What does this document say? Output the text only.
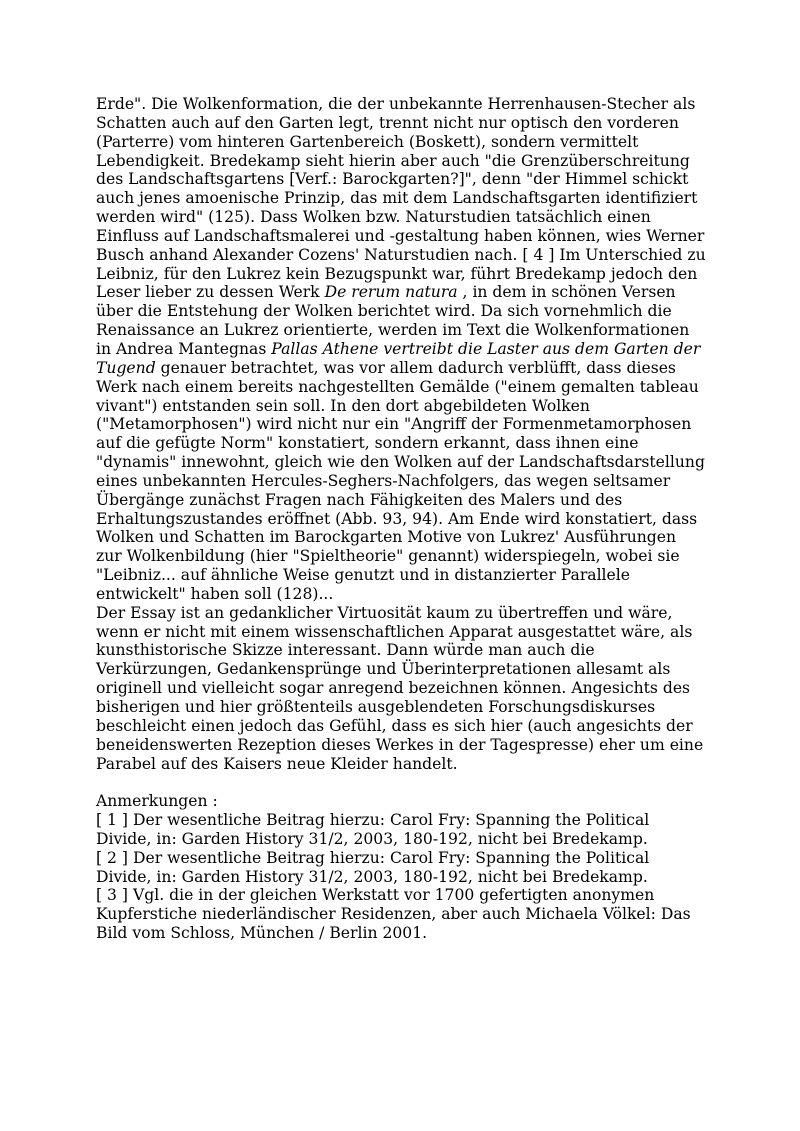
Erde". Die Wolkenformation, die der unbekannte Herrenhausen-Stecher als Schatten auch auf den Garten legt, trennt nicht nur optisch den vorderen (Parterre) vom hinteren Gartenbereich (Boskett), sondern vermittelt Lebendigkeit. Bredekamp sieht hierin aber auch "die Grenzüberschreitung des Landschaftsgartens [Verf.: Barockgarten?]", denn "der Himmel schickt auch jenes amoenische Prinzip, das mit dem Landschaftsgarten identifiziert werden wird" (125). Dass Wolken bzw. Naturstudien tatsächlich einen Einfluss auf Landschaftsmalerei und -gestaltung haben können, wies Werner Busch anhand Alexander Cozens' Naturstudien nach. [ 4 ] Im Unterschied zu Leibniz, für den Lukrez kein Bezugspunkt war, führt Bredekamp jedoch den Leser lieber zu dessen Werk De rerum natura , in dem in schönen Versen über die Entstehung der Wolken berichtet wird. Da sich vornehmlich die Renaissance an Lukrez orientierte, werden im Text die Wolkenformationen in Andrea Mantegnas Pallas Athene vertreibt die Laster aus dem Garten der Tugend genauer betrachtet, was vor allem dadurch verblüfft, dass dieses Werk nach einem bereits nachgestellten Gemälde ("einem gemalten tableau vivant") entstanden sein soll. In den dort abgebildeten Wolken ("Metamorphosen") wird nicht nur ein "Angriff der Formenmetamorphosen auf die gefügte Norm" konstatiert, sondern erkannt, dass ihnen eine "dynamis" innewohnt, gleich wie den Wolken auf der Landschaftsdarstellung eines unbekannten Hercules-Seghers-Nachfolgers, das wegen seltsamer Übergänge zunächst Fragen nach Fähigkeiten des Malers und des Erhaltungszustandes eröffnet (Abb. 93, 94). Am Ende wird konstatiert, dass Wolken und Schatten im Barockgarten Motive von Lukrez' Ausführungen zur Wolkenbildung (hier "Spieltheorie" genannt) widerspiegeln, wobei sie "Leibniz... auf ähnliche Weise genutzt und in distanzierter Parallele entwickelt" haben soll (128)...

Der Essay ist an gedanklicher Virtuosität kaum zu übertreffen und wäre, wenn er nicht mit einem wissenschaftlichen Apparat ausgestattet wäre, als kunsthistorische Skizze interessant. Dann würde man auch die Verkürzungen, Gedankensprünge und Überinterpretationen allesamt als originell und vielleicht sogar anregend bezeichnen können. Angesichts des bisherigen und hier größtenteils ausgeblendeten Forschungsdiskurses beschleicht einen jedoch das Gefühl, dass es sich hier (auch angesichts der beneidenswerten Rezeption dieses Werkes in der Tagespresse) eher um eine Parabel auf des Kaisers neue Kleider handelt.

Anmerkungen :

[ 1 ] Der wesentliche Beitrag hierzu: Carol Fry: Spanning the Political Divide, in: Garden History 31/2, 2003, 180-192, nicht bei Bredekamp.

[ 2 ] Der wesentliche Beitrag hierzu: Carol Fry: Spanning the Political Divide, in: Garden History 31/2, 2003, 180-192, nicht bei Bredekamp.

[ 3 ] Vgl. die in der gleichen Werkstatt vor 1700 gefertigten anonymen Kupferstiche niederländischer Residenzen, aber auch Michaela Völkel: Das Bild vom Schloss, München / Berlin 2001.
